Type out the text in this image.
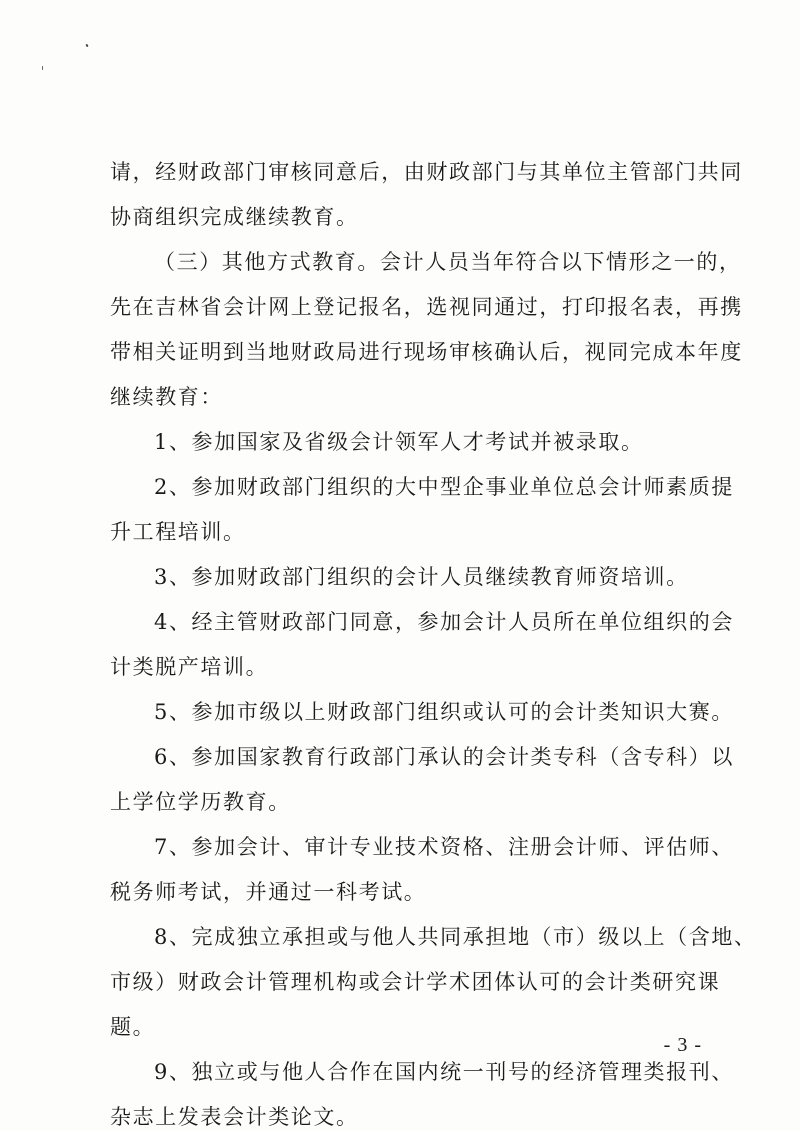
请，经财政部门审核同意后，由财政部门与其单位主管部门共同
协商组织完成继续教育。
（三）其他方式教育。会计人员当年符合以下情形之一的，
先在吉林省会计网上登记报名，选视同通过，打印报名表，再携
带相关证明到当地财政局进行现场审核确认后，视同完成本年度
继续教育：
1、参加国家及省级会计领军人才考试并被录取。
2、参加财政部门组织的大中型企事业单位总会计师素质提
升工程培训。
3、参加财政部门组织的会计人员继续教育师资培训。
4、经主管财政部门同意，参加会计人员所在单位组织的会
计类脱产培训。
5、参加市级以上财政部门组织或认可的会计类知识大赛。
6、参加国家教育行政部门承认的会计类专科（含专科）以
上学位学历教育。
7、参加会计、审计专业技术资格、注册会计师、评估师、
税务师考试，并通过一科考试。
8、完成独立承担或与他人共同承担地（市）级以上（含地、
市级）财政会计管理机构或会计学术团体认可的会计类研究课
题。
9、独立或与他人合作在国内统一刊号的经济管理类报刊、
杂志上发表会计类论文。
- 3 -
